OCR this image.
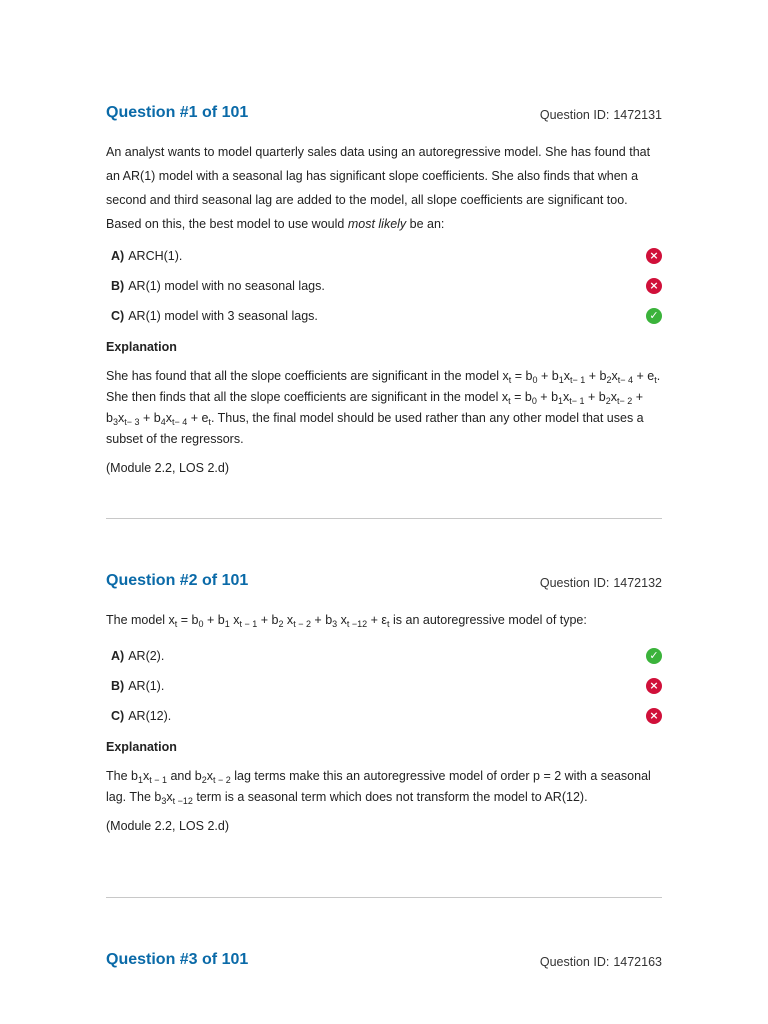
Question #1 of 101	Question ID: 1472131
An analyst wants to model quarterly sales data using an autoregressive model. She has found that an AR(1) model with a seasonal lag has significant slope coefficients. She also finds that when a second and third seasonal lag are added to the model, all slope coefficients are significant too. Based on this, the best model to use would most likely be an:
A) ARCH(1).	×
B) AR(1) model with no seasonal lags.	×
C) AR(1) model with 3 seasonal lags.	✓
Explanation
She has found that all the slope coefficients are significant in the model $x_t = b_0 + b_1x_{t- 1} + b_2x_{t- 4} + e_t$. She then finds that all the slope coefficients are significant in the model $x_t = b_0 + b_1x_{t- 1} + b_2x_{t- 2} + b_3x_{t- 3} + b_4x_{t- 4} + e_t$. Thus, the final model should be used rather than any other model that uses a subset of the regressors.
(Module 2.2, LOS 2.d)
Question #2 of 101	Question ID: 1472132
The model $x_t = b_0 + b_1$ $x_{t - 1} + b_2$ $x_{t - 2} + b_3$ $x_{t -12} + \varepsilon_t$ is an autoregressive model of type:
A) AR(2).	✓
B) AR(1).	×
C) AR(12).	×
Explanation
The $b_1x_{t - 1}$ and $b_2x_{t - 2}$ lag terms make this an autoregressive model of order p = 2 with a seasonal lag. The $b_3x_{t -12}$ term is a seasonal term which does not transform the model to AR(12).
(Module 2.2, LOS 2.d)
Question #3 of 101	Question ID: 1472163
